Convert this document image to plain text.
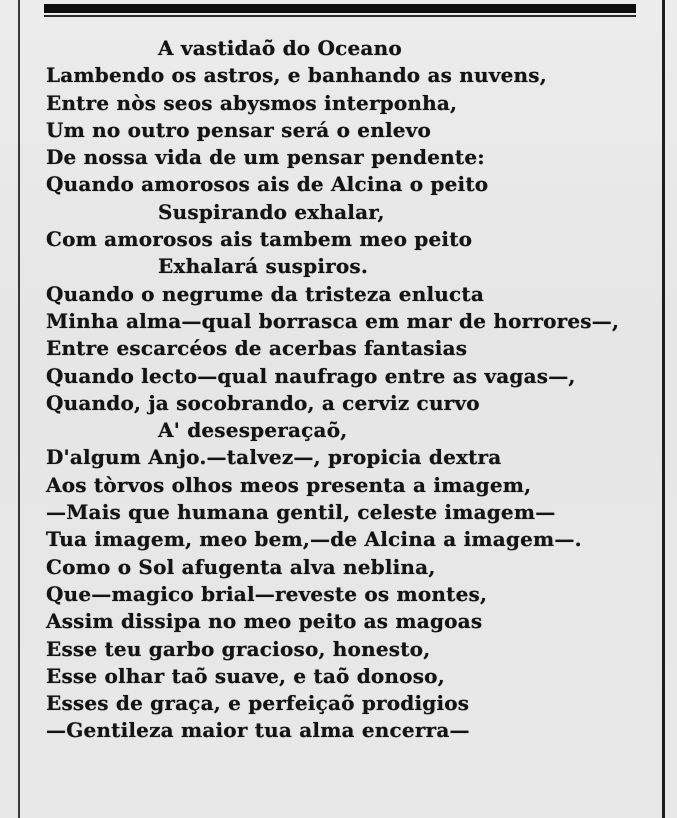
A vastidaõ do Oceano
Lambendo os astros, e banhando as nuvens,
Entre nòs seos abysmos interponha,
Um no outro pensar será o enlevo
De nossa vida de um pensar pendente:
Quando amorosos ais de Alcina o peito
Suspirando exhalar,
Com amorosos ais tambem meo peito
Exhalará suspiros.
Quando o negrume da tristeza enlucta
Minha alma—qual borrasca em mar de horrores—,
Entre escarcéos de acerbas fantasias
Quando lecto—qual naufrago entre as vagas—,
Quando, ja socobrando, a cerviz curvo
A' desesperaçaõ,
D'algum Anjo.—talvez—, propicia dextra
Aos tòrvos olhos meos presenta a imagem,
—Mais que humana gentil, celeste imagem—
Tua imagem, meo bem,—de Alcina a imagem—.
Como o Sol afugenta alva neblina,
Que—magico brial—reveste os montes,
Assim dissipa no meo peito as magoas
Esse teu garbo gracioso, honesto,
Esse olhar taõ suave, e taõ donoso,
Esses de graça, e perfeiçaõ prodigios
—Gentileza maior tua alma encerra—
